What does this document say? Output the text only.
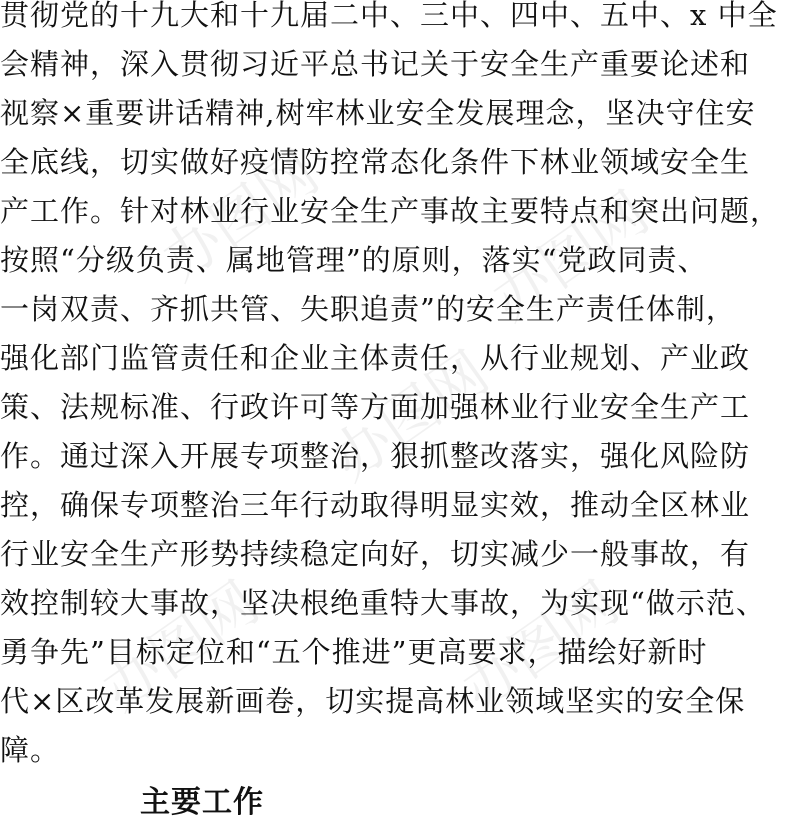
办图网	办图网
办图网
办图网	办图网
贯彻党的十九大和十九届二中、三中、四中、五中、x 中全
会精神，深入贯彻习近平总书记关于安全生产重要论述和
视察×重要讲话精神,树牢林业安全发展理念，坚决守住安
全底线，切实做好疫情防控常态化条件下林业领域安全生
产工作。针对林业行业安全生产事故主要特点和突出问题，
按照“分级负责、属地管理”的原则，落实“党政同责、
一岗双责、齐抓共管、失职追责”的安全生产责任体制，
强化部门监管责任和企业主体责任，从行业规划、产业政
策、法规标准、行政许可等方面加强林业行业安全生产工
作。通过深入开展专项整治，狠抓整改落实，强化风险防
控，确保专项整治三年行动取得明显实效，推动全区林业
行业安全生产形势持续稳定向好，切实减少一般事故，有
效控制较大事故，坚决根绝重特大事故，为实现“做示范、
勇争先”目标定位和“五个推进”更高要求，描绘好新时
代×区改革发展新画卷，切实提高林业领域坚实的安全保
障。
主要工作
